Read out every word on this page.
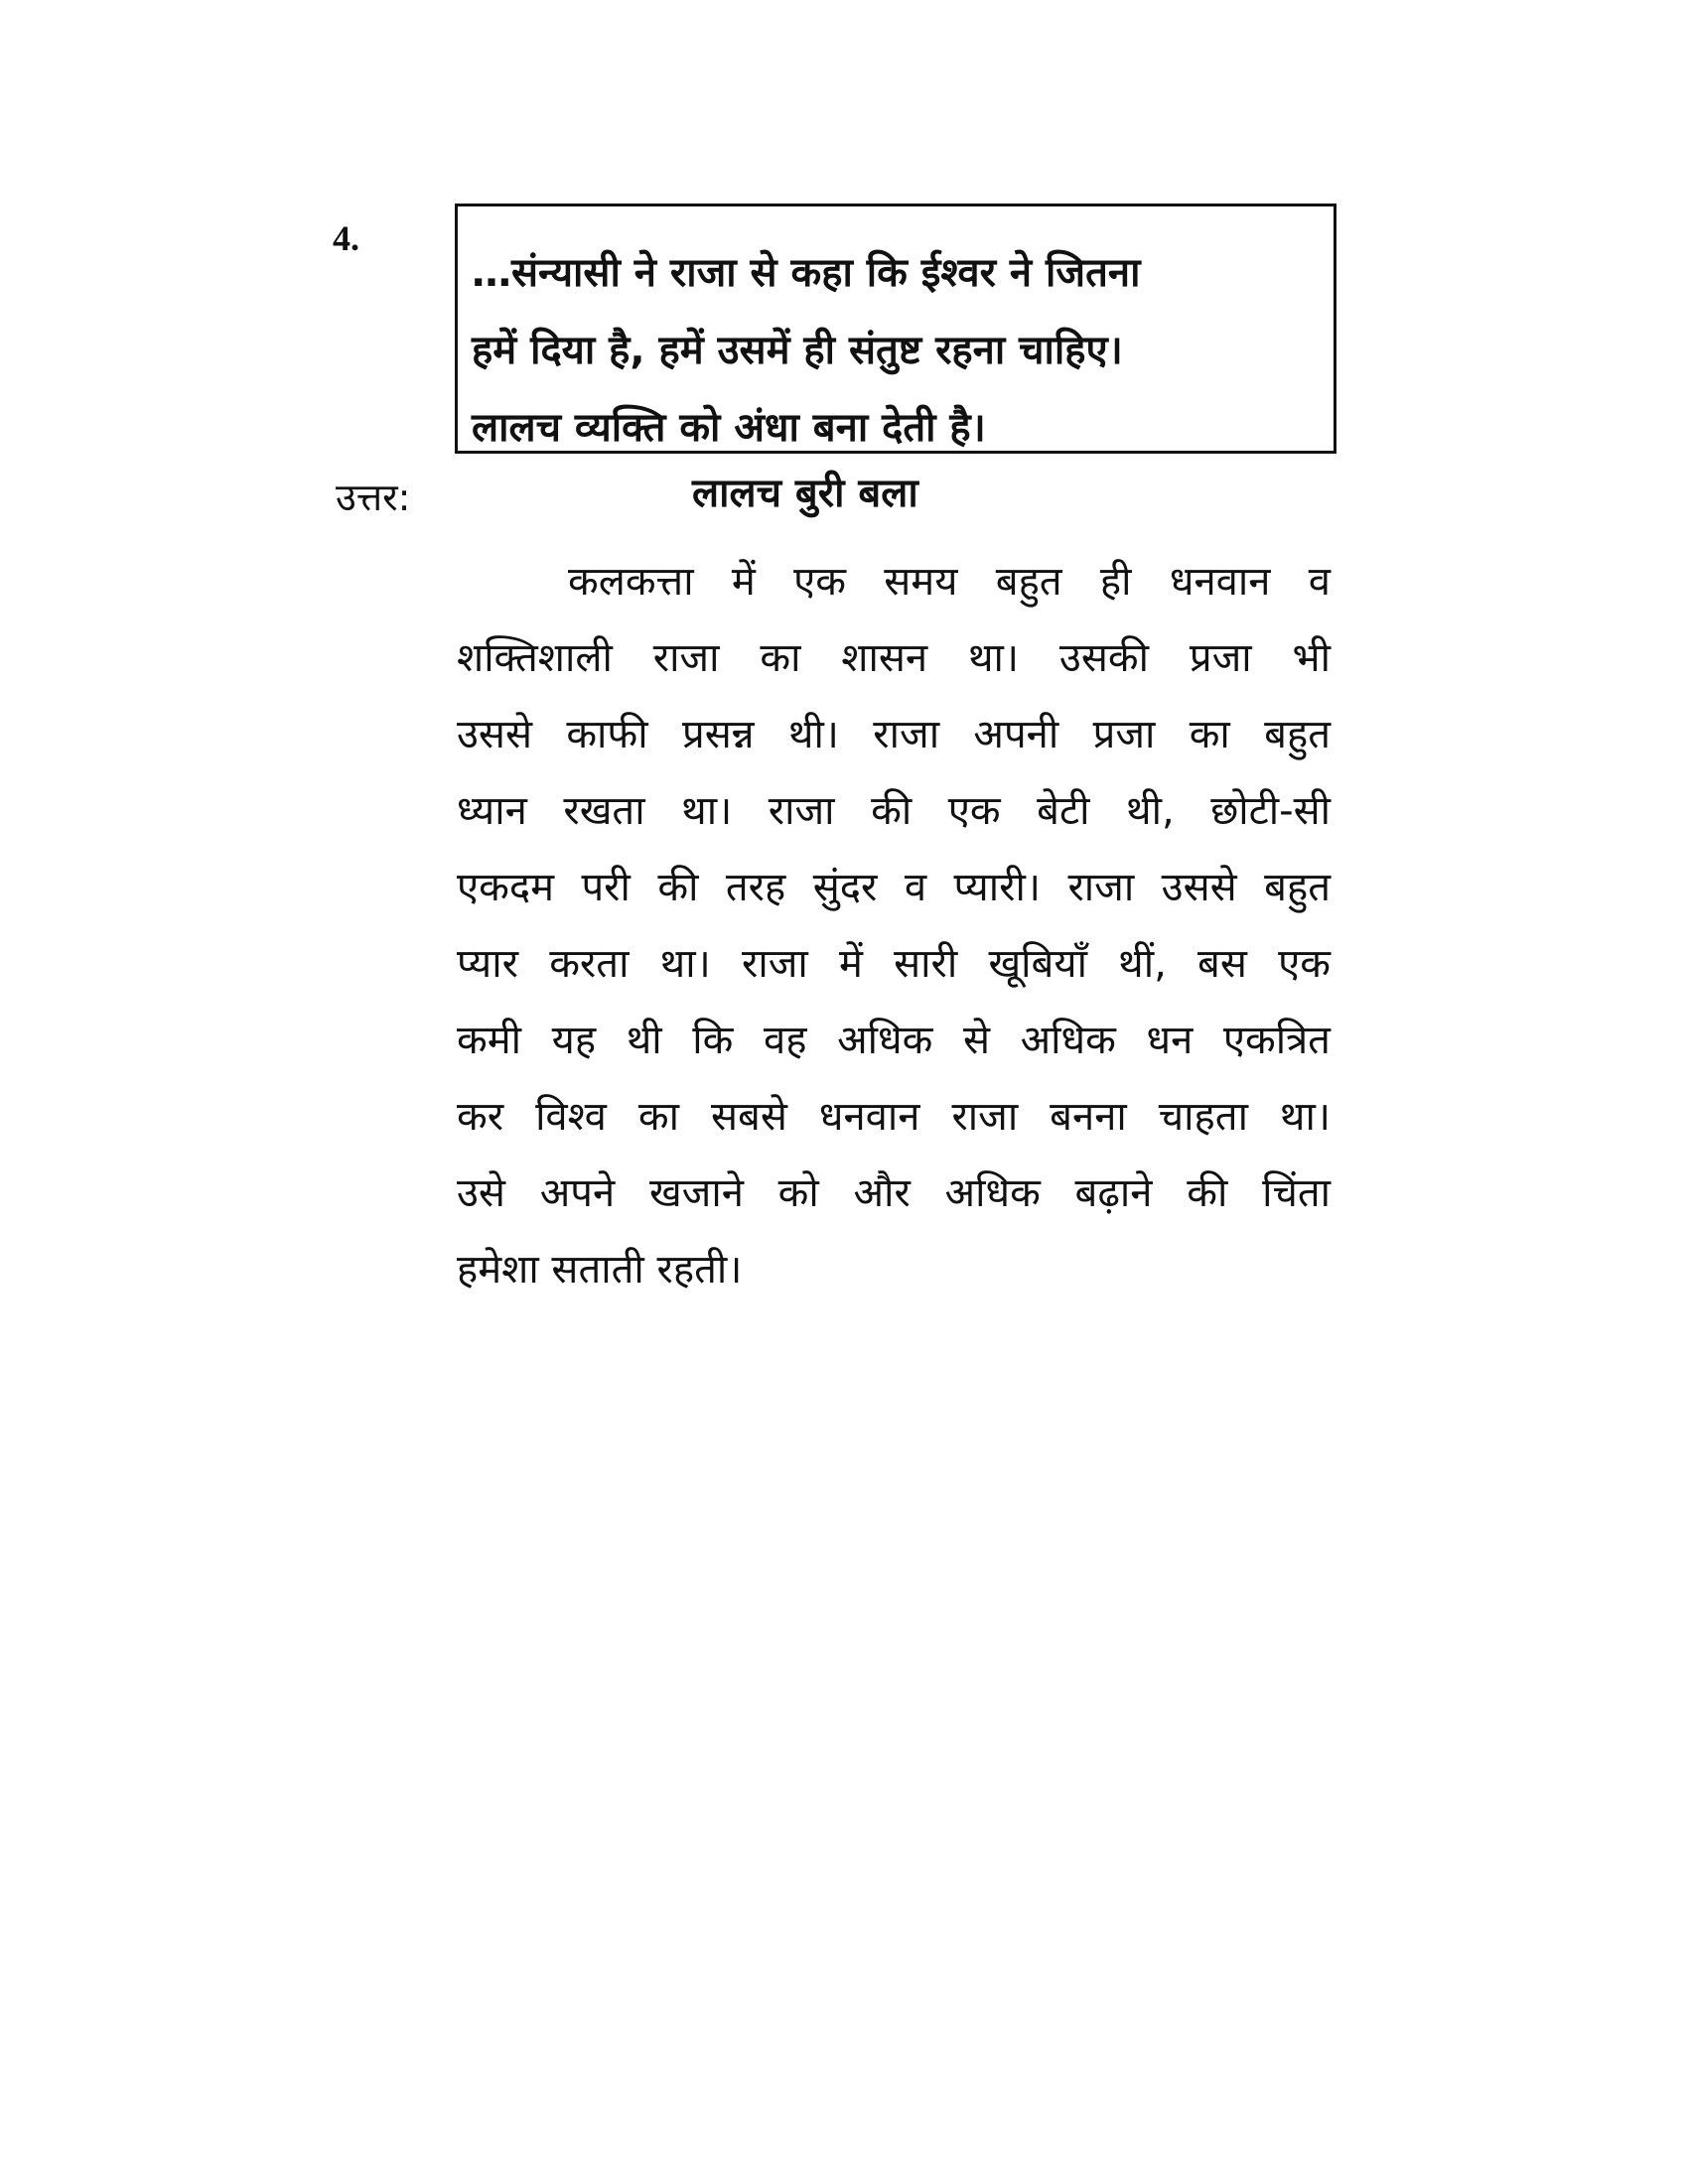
4.
…संन्यासी ने राजा से कहा कि ईश्वर ने जितना
हमें दिया है, हमें उसमें ही संतुष्ट रहना चाहिए।
लालच व्यक्ति को अंधा बना देती है।
उत्तर:	लालच बुरी बला
कलकत्ता में एक समय बहुत ही धनवान व
शक्तिशाली राजा का शासन था। उसकी प्रजा भी
उससे काफी प्रसन्न थी। राजा अपनी प्रजा का बहुत
ध्यान रखता था। राजा की एक बेटी थी, छोटी-सी
एकदम परी की तरह सुंदर व प्यारी। राजा उससे बहुत
प्यार करता था। राजा में सारी खूबियाँ थीं, बस एक
कमी यह थी कि वह अधिक से अधिक धन एकत्रित
कर विश्व का सबसे धनवान राजा बनना चाहता था।
उसे अपने खजाने को और अधिक बढ़ाने की चिंता
हमेशा सताती रहती।
